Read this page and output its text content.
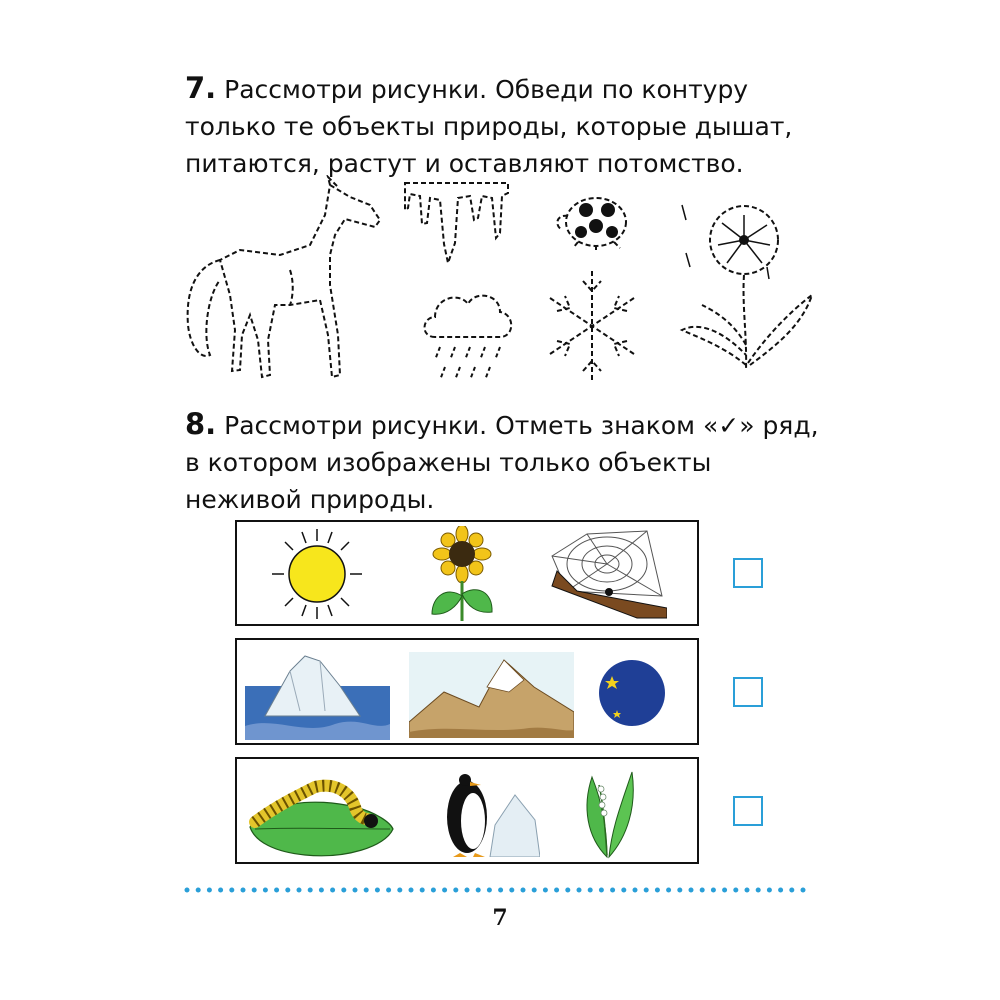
7. Рассмотри рисунки. Обведи по контуру только те объекты природы, которые дышат, питаются, растут и оставляют потомство.
8. Рассмотри рисунки. Отметь знаком «✓» ряд, в котором изображены только объекты неживой природы.
7
